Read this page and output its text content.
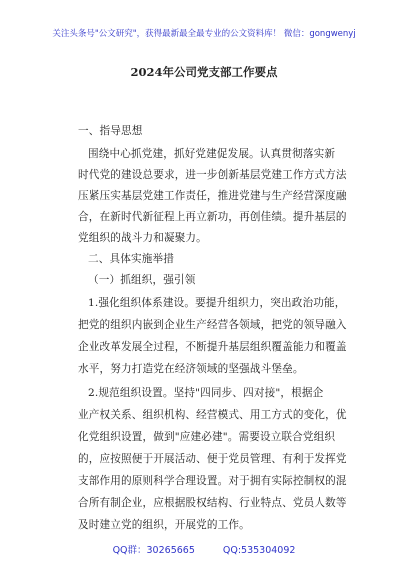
关注头条号"公文研究"，获得最新最全最专业的公文资料库！ 微信：gongwenyj
2024年公司党支部工作要点
一、指导思想
围绕中心抓党建，抓好党建促发展。认真贯彻落实新
时代党的建设总要求，进一步创新基层党建工作方式方法
压紧压实基层党建工作责任，推进党建与生产经营深度融
合，在新时代新征程上再立新功，再创佳绩。提升基层的
党组织的战斗力和凝聚力。
二、具体实施举措
（一）抓组织，强引领
1.强化组织体系建设。要提升组织力，突出政治功能，
把党的组织内嵌到企业生产经营各领域，把党的领导融入
企业改革发展全过程，不断提升基层组织覆盖能力和覆盖
水平，努力打造党在经济领域的坚强战斗堡垒。
2.规范组织设置。坚持"四同步、四对接"，根据企
业产权关系、组织机构、经营模式、用工方式的变化，优
化党组织设置，做到"应建必建"。需要设立联合党组织
的，应按照便于开展活动、便于党员管理、有利于发挥党
支部作用的原则科学合理设置。对于拥有实际控制权的混
合所有制企业，应根据股权结构、行业特点、党员人数等
及时建立党的组织，开展党的工作。
QQ群：30265665	QQ:535304092
